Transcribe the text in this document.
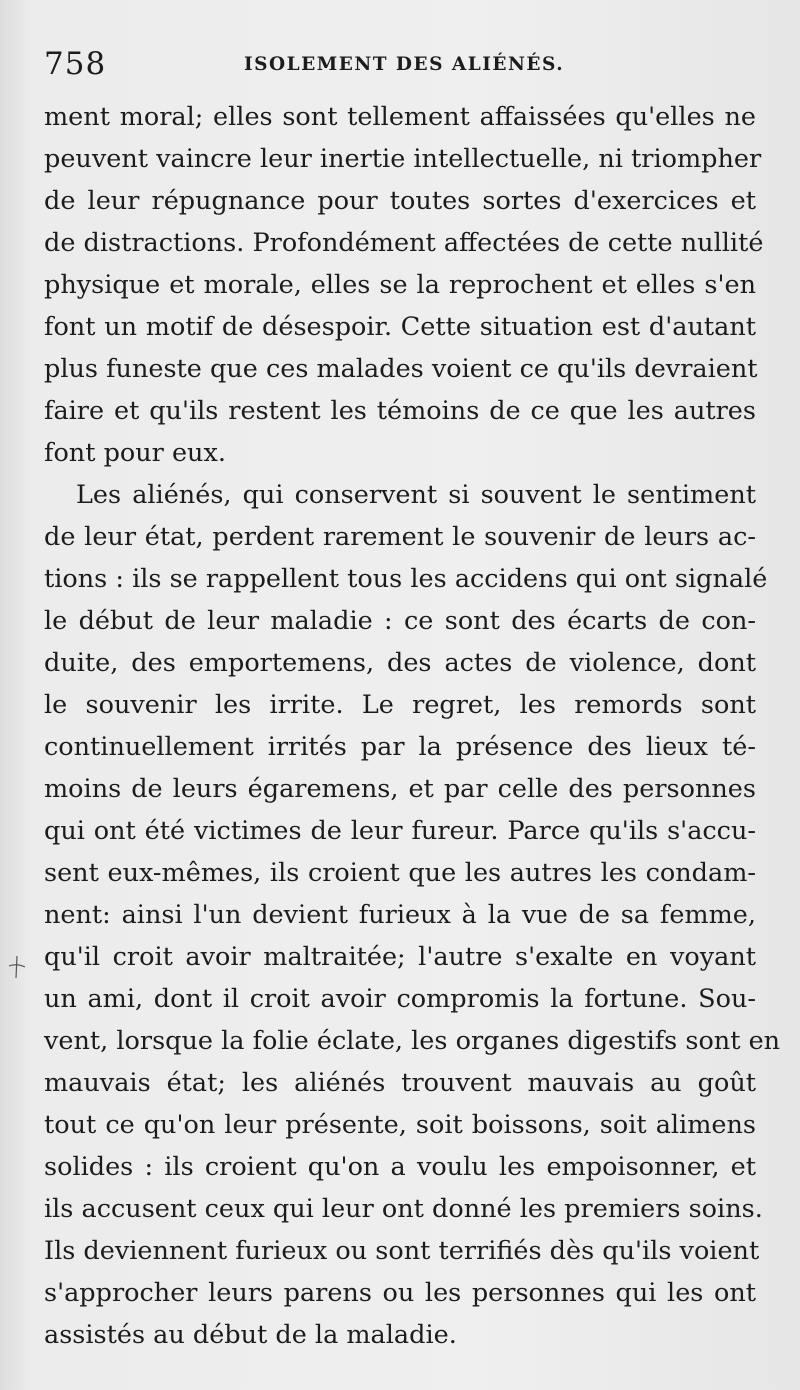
758	ISOLEMENT DES ALIÉNÉS.
ment moral; elles sont tellement affaissées qu'elles ne
peuvent vaincre leur inertie intellectuelle, ni triompher
de leur répugnance pour toutes sortes d'exercices et
de distractions. Profondément affectées de cette nullité
physique et morale, elles se la reprochent et elles s'en
font un motif de désespoir. Cette situation est d'autant
plus funeste que ces malades voient ce qu'ils devraient
faire et qu'ils restent les témoins de ce que les autres
font pour eux.
Les aliénés, qui conservent si souvent le sentiment
de leur état, perdent rarement le souvenir de leurs ac-
tions : ils se rappellent tous les accidens qui ont signalé
le début de leur maladie : ce sont des écarts de con-
duite, des emportemens, des actes de violence, dont
le souvenir les irrite. Le regret, les remords sont
continuellement irrités par la présence des lieux té-
moins de leurs égaremens, et par celle des personnes
qui ont été victimes de leur fureur. Parce qu'ils s'accu-
sent eux-mêmes, ils croient que les autres les condam-
nent: ainsi l'un devient furieux à la vue de sa femme,
qu'il croit avoir maltraitée; l'autre s'exalte en voyant
un ami, dont il croit avoir compromis la fortune. Sou-
vent, lorsque la folie éclate, les organes digestifs sont en
mauvais état; les aliénés trouvent mauvais au goût
tout ce qu'on leur présente, soit boissons, soit alimens
solides : ils croient qu'on a voulu les empoisonner, et
ils accusent ceux qui leur ont donné les premiers soins.
Ils deviennent furieux ou sont terrifiés dès qu'ils voient
s'approcher leurs parens ou les personnes qui les ont
assistés au début de la maladie.
